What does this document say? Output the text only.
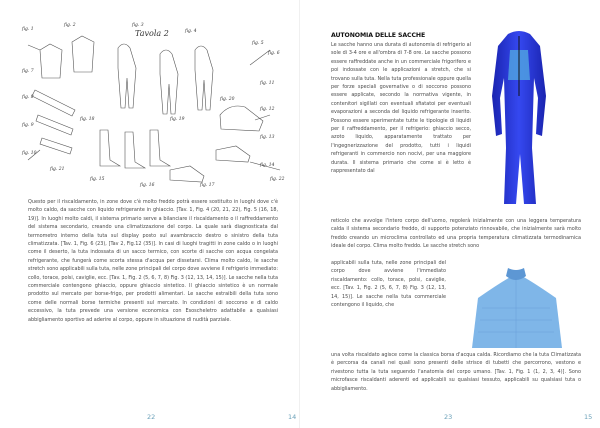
fig. 1
fig. 2	fig. 3
fig. 4
fig. 5
fig. 6
fig. 7
fig. 8
fig. 9
fig. 10
fig. 11
fig. 12
fig. 13
fig. 14
fig. 15
fig. 16	fig. 17
fig. 18	fig. 19
fig. 20
fig. 21
fig. 22
Tavola 2

Questo per il riscaldamento, in zone dove c'è molto freddo potrà essere sostituito in luoghi dove c'è molto caldo, da sacche con liquido refrigerante in ghiaccio. [Tav. 1, Fig. 4 (20, 21, 22), Fig. 5 (16, 18, 19)]. In luoghi molto caldi, il sistema primario serve a bilanciare il riscaldamento o il raffreddamento del sistema secondario, creando una climatizzazione del corpo. La quale sarà diagnosticata dal termometro interno della tuta sul display posto sul avambraccio destro o sinistro della tuta climatizzata. [Tav. 1, Fig. 6 (23), [Tav 2, Fig.12 (35)]. In casi di luoghi tragitti in zone caldo o in luoghi come il deserto, la tuta indossata di un sacco termico, con scorte di sacche con acqua congelata refrigerante, che fungerà come scorta stessa d'acqua per dissetarsi. Clima molto caldo, le sacche stretch sono applicabili sulla tuta, nelle zone principali del corpo dove avviene il refrigerio immediato: collo, torace, polsi, caviglie, ecc. [Tav. 1, Fig. 2 (5, 6, 7, 8) Fig. 3 (12, 13, 14, 15)]. Le sacche nella tuta commerciale contengono ghiaccio, oppure ghiaccio sintetico. Il ghiaccio sintetico è un normale prodotto sul mercato per borse-frigo, per prodotti alimentari. Le sacche estraibili della tuta sono come delle normali borse termiche presenti sul mercato. In condizioni di soccorso e di caldo eccessivo, la tuta prevede una versione economica con Esoscheletro adattabile a qualsiasi abbigliamento sportivo ad aderire al corpo, oppure in situazione di nudità parziale.

22	14
AUTONOMIA DELLE SACCHE

Le sacche hanno una durata di autonomia di refrigerio al sole di 3-4 ore e all'ombra di 7-8 ore. Le sacche possono essere raffreddate anche in un commerciale frigorifero e poi indossate con le applicazioni a stretch, che si trovano sulla tuta. Nella tuta professionale oppure quella per forze speciali governative o di soccorso possono essere applicate, secondo la normativa vigente, in contenitori sigillati con eventuali sfiatatoi per eventuali evaporazioni a seconda del liquido refrigerante inserito. Possono essere sperimentate tutte le tipologie di liquidi per il raffreddamento, per il refrigerio: ghiaccio secco, azoto liquido, apparatamente trattato per l'ingegnerizzazione del prodotto, tutti i liquidi refrigeranti in commercio non nocivi, per una maggiore durata. Il sistema primario che come si è letto è rappresentato dal

reticolo che avvolge l'intero corpo dell'uomo, regolerà inizialmente con una leggera temperatura calda il sistema secondario freddo, di supporto potenziato rinnovabile, che inizialmente sarà molto freddo creando un microclima controllato ed una propria temperatura climatizzata termodinamica ideale del corpo. Clima molto freddo. Le sacche stretch sono

applicabili sulla tuta, nelle zone principali del corpo dove avviene l'immediato riscaldamento: collo, torace, polsi, caviglie, ecc. [Tav. 1, Fig. 2 (5, 6, 7, 8) Fig. 3 (12, 13, 14, 15)]. Le sacche nella tuta commerciale contengono il liquido, che

una volta riscaldato agisce come la classica borsa d'acqua calda. Ricordiamo che la tuta Climatizzata è percorsa da canali nei quali sono presenti delle strisce di tubetti che percorrono, vestono e rivestono tutta la tuta seguendo l'anatomia del corpo umano. [Tav. 1, Fig. 1 (1, 2, 3, 4)]. Sono microfasce riscaldanti aderenti ed applicabili su qualsiasi tessuto, applicabili su qualsiasi tuta o abbigliamento.

23	15
